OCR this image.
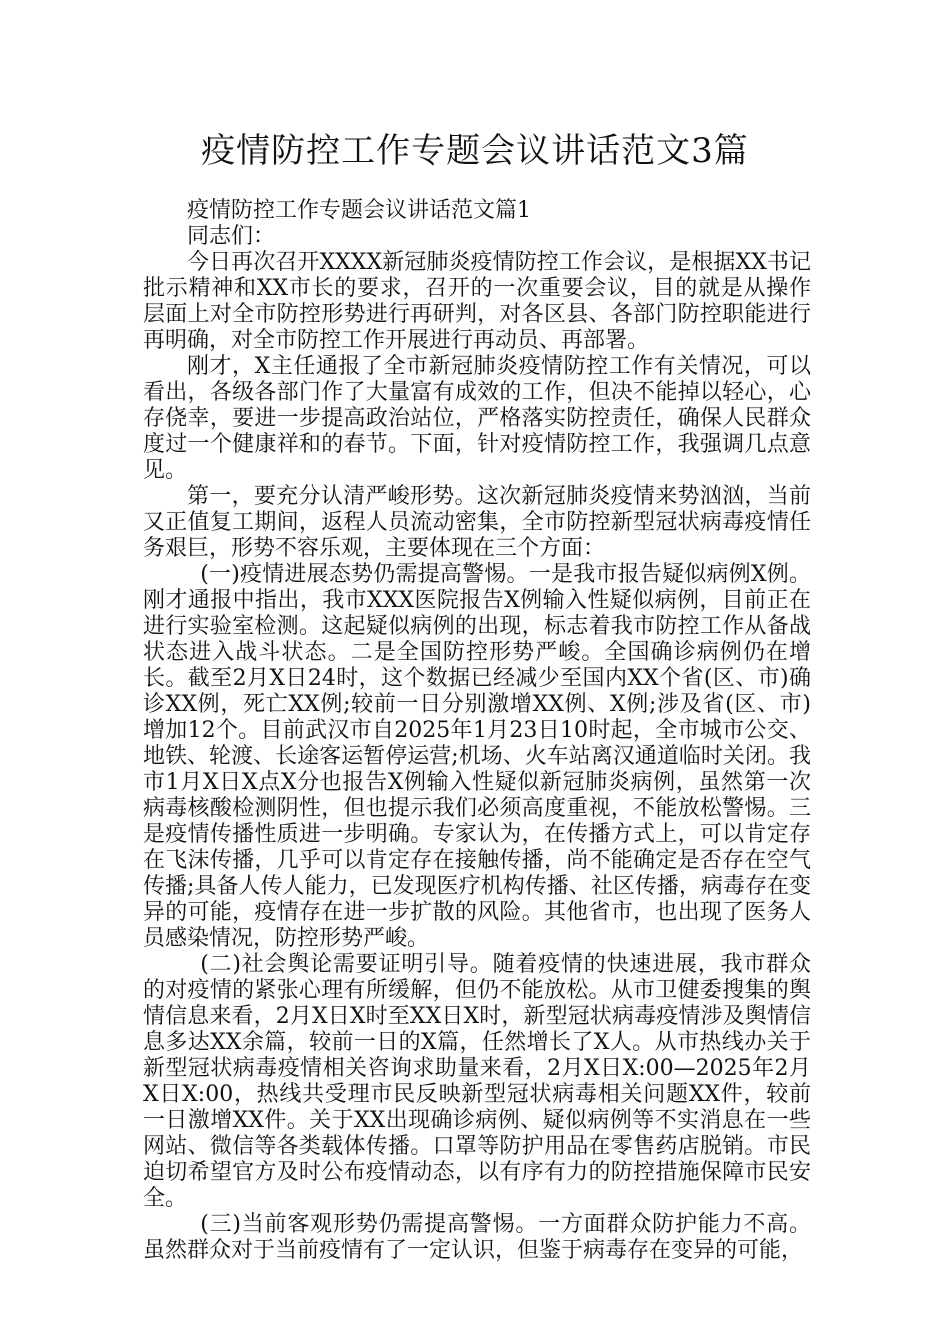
疫情防控工作专题会议讲话范文3篇

疫情防控工作专题会议讲话范文篇1

同志们：

今日再次召开XXXX新冠肺炎疫情防控工作会议，是根据XX书记批示精神和XX市长的要求，召开的一次重要会议，目的就是从操作层面上对全市防控形势进行再研判，对各区县、各部门防控职能进行再明确，对全市防控工作开展进行再动员、再部署。

刚才，X主任通报了全市新冠肺炎疫情防控工作有关情况，可以看出，各级各部门作了大量富有成效的工作，但决不能掉以轻心，心存侥幸，要进一步提高政治站位，严格落实防控责任，确保人民群众度过一个健康祥和的春节。下面，针对疫情防控工作，我强调几点意见。

第一，要充分认清严峻形势。这次新冠肺炎疫情来势汹汹，当前又正值复工期间，返程人员流动密集，全市防控新型冠状病毒疫情任务艰巨，形势不容乐观，主要体现在三个方面：

(一)疫情进展态势仍需提高警惕。一是我市报告疑似病例X例。刚才通报中指出，我市XXX医院报告X例输入性疑似病例，目前正在进行实验室检测。这起疑似病例的出现，标志着我市防控工作从备战状态进入战斗状态。二是全国防控形势严峻。全国确诊病例仍在增长。截至2月X日24时，这个数据已经减少至国内XX个省(区、市)确诊XX例，死亡XX例;较前一日分别激增XX例、X例;涉及省(区、市)增加12个。目前武汉市自2025年1月23日10时起，全市城市公交、地铁、轮渡、长途客运暂停运营;机场、火车站离汉通道临时关闭。我市1月X日X点X分也报告X例输入性疑似新冠肺炎病例，虽然第一次病毒核酸检测阴性，但也提示我们必须高度重视，不能放松警惕。三是疫情传播性质进一步明确。专家认为，在传播方式上，可以肯定存在飞沫传播，几乎可以肯定存在接触传播，尚不能确定是否存在空气传播;具备人传人能力，已发现医疗机构传播、社区传播，病毒存在变异的可能，疫情存在进一步扩散的风险。其他省市，也出现了医务人员感染情况，防控形势严峻。

(二)社会舆论需要证明引导。随着疫情的快速进展，我市群众的对疫情的紧张心理有所缓解，但仍不能放松。从市卫健委搜集的舆情信息来看，2月X日X时至XX日X时，新型冠状病毒疫情涉及舆情信息多达XX余篇，较前一日的X篇，任然增长了X人。从市热线办关于新型冠状病毒疫情相关咨询求助量来看，2月X日X:00—2025年2月X日X:00，热线共受理市民反映新型冠状病毒相关问题XX件，较前一日激增XX件。关于XX出现确诊病例、疑似病例等不实消息在一些网站、微信等各类载体传播。口罩等防护用品在零售药店脱销。市民迫切希望官方及时公布疫情动态，以有序有力的防控措施保障市民安全。

(三)当前客观形势仍需提高警惕。一方面群众防护能力不高。虽然群众对于当前疫情有了一定认识，但鉴于病毒存在变异的可能，
